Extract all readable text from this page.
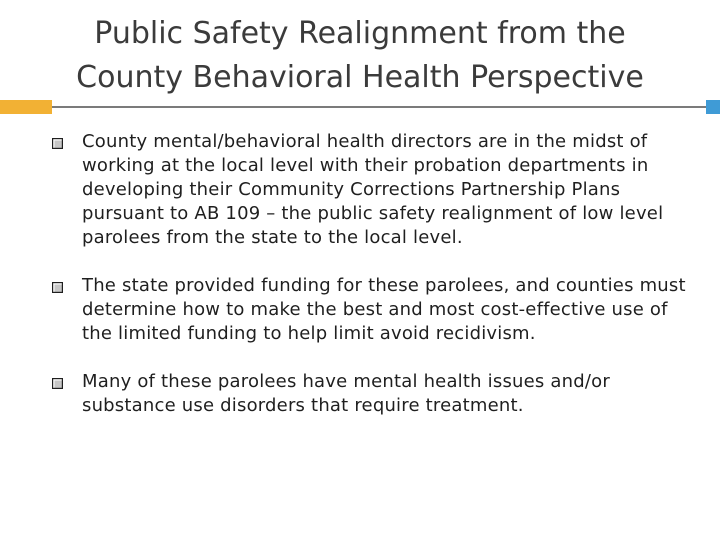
Public Safety Realignment from the
County Behavioral Health Perspective
County mental/behavioral health directors are in the midst of working at the local level with their probation departments in developing their Community Corrections Partnership Plans pursuant to AB 109 – the public safety realignment of low level parolees from the state to the local level.
The state provided funding for these parolees, and counties must determine how to make the best and most cost-effective use of the limited funding to help limit avoid recidivism.
Many of these parolees have mental health issues and/or substance use disorders that require treatment.
